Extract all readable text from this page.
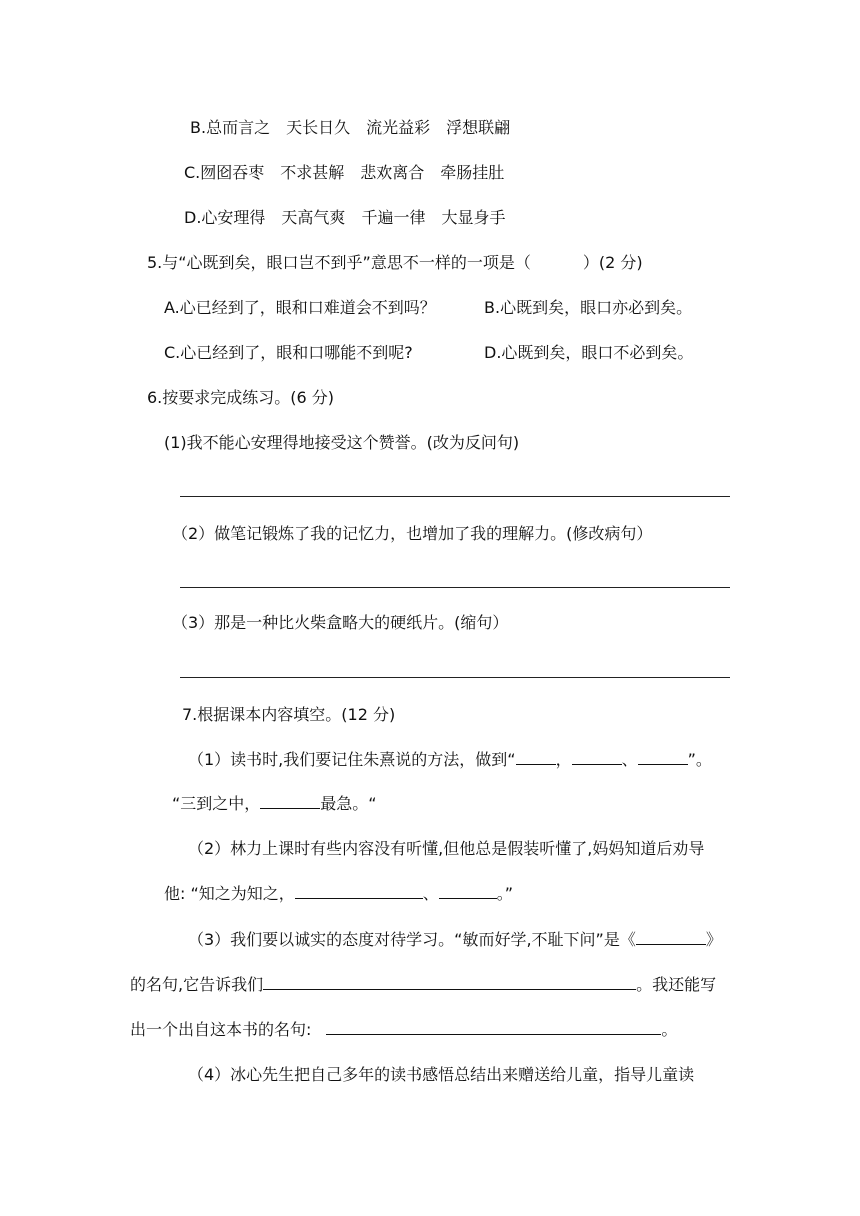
B.总而言之 天长日久 流光益彩 浮想联翩
C.囫囵吞枣 不求甚解 悲欢离合 牵肠挂肚
D.心安理得 天高气爽 千遍一律 大显身手
5.与“心既到矣，眼口岂不到乎”意思不一样的一项是（	）(2 分)
A.心已经到了，眼和口难道会不到吗？	B.心既到矣，眼口亦必到矣。
C.心已经到了，眼和口哪能不到呢?	D.心既到矣，眼口不必到矣。
6.按要求完成练习。(6 分)
(1)我不能心安理得地接受这个赞誉。(改为反问句)
（2）做笔记锻炼了我的记忆力，也增加了我的理解力。(修改病句）
（3）那是一种比火柴盒略大的硬纸片。(缩句）
7.根据课本内容填空。(12 分)
（1）读书时,我们要记住朱熹说的方法，做到“	，	、	”。
“三到之中，	最急。“
（2）林力上课时有些内容没有听懂,但他总是假装听懂了,妈妈知道后劝导
他: “知之为知之，	、	。”
（3）我们要以诚实的态度对待学习。“敏而好学,不耻下问”是《	》
的名句,它告诉我们	。我还能写
出一个出自这本书的名句:	。
（4）冰心先生把自己多年的读书感悟总结出来赠送给儿童，指导儿童读
